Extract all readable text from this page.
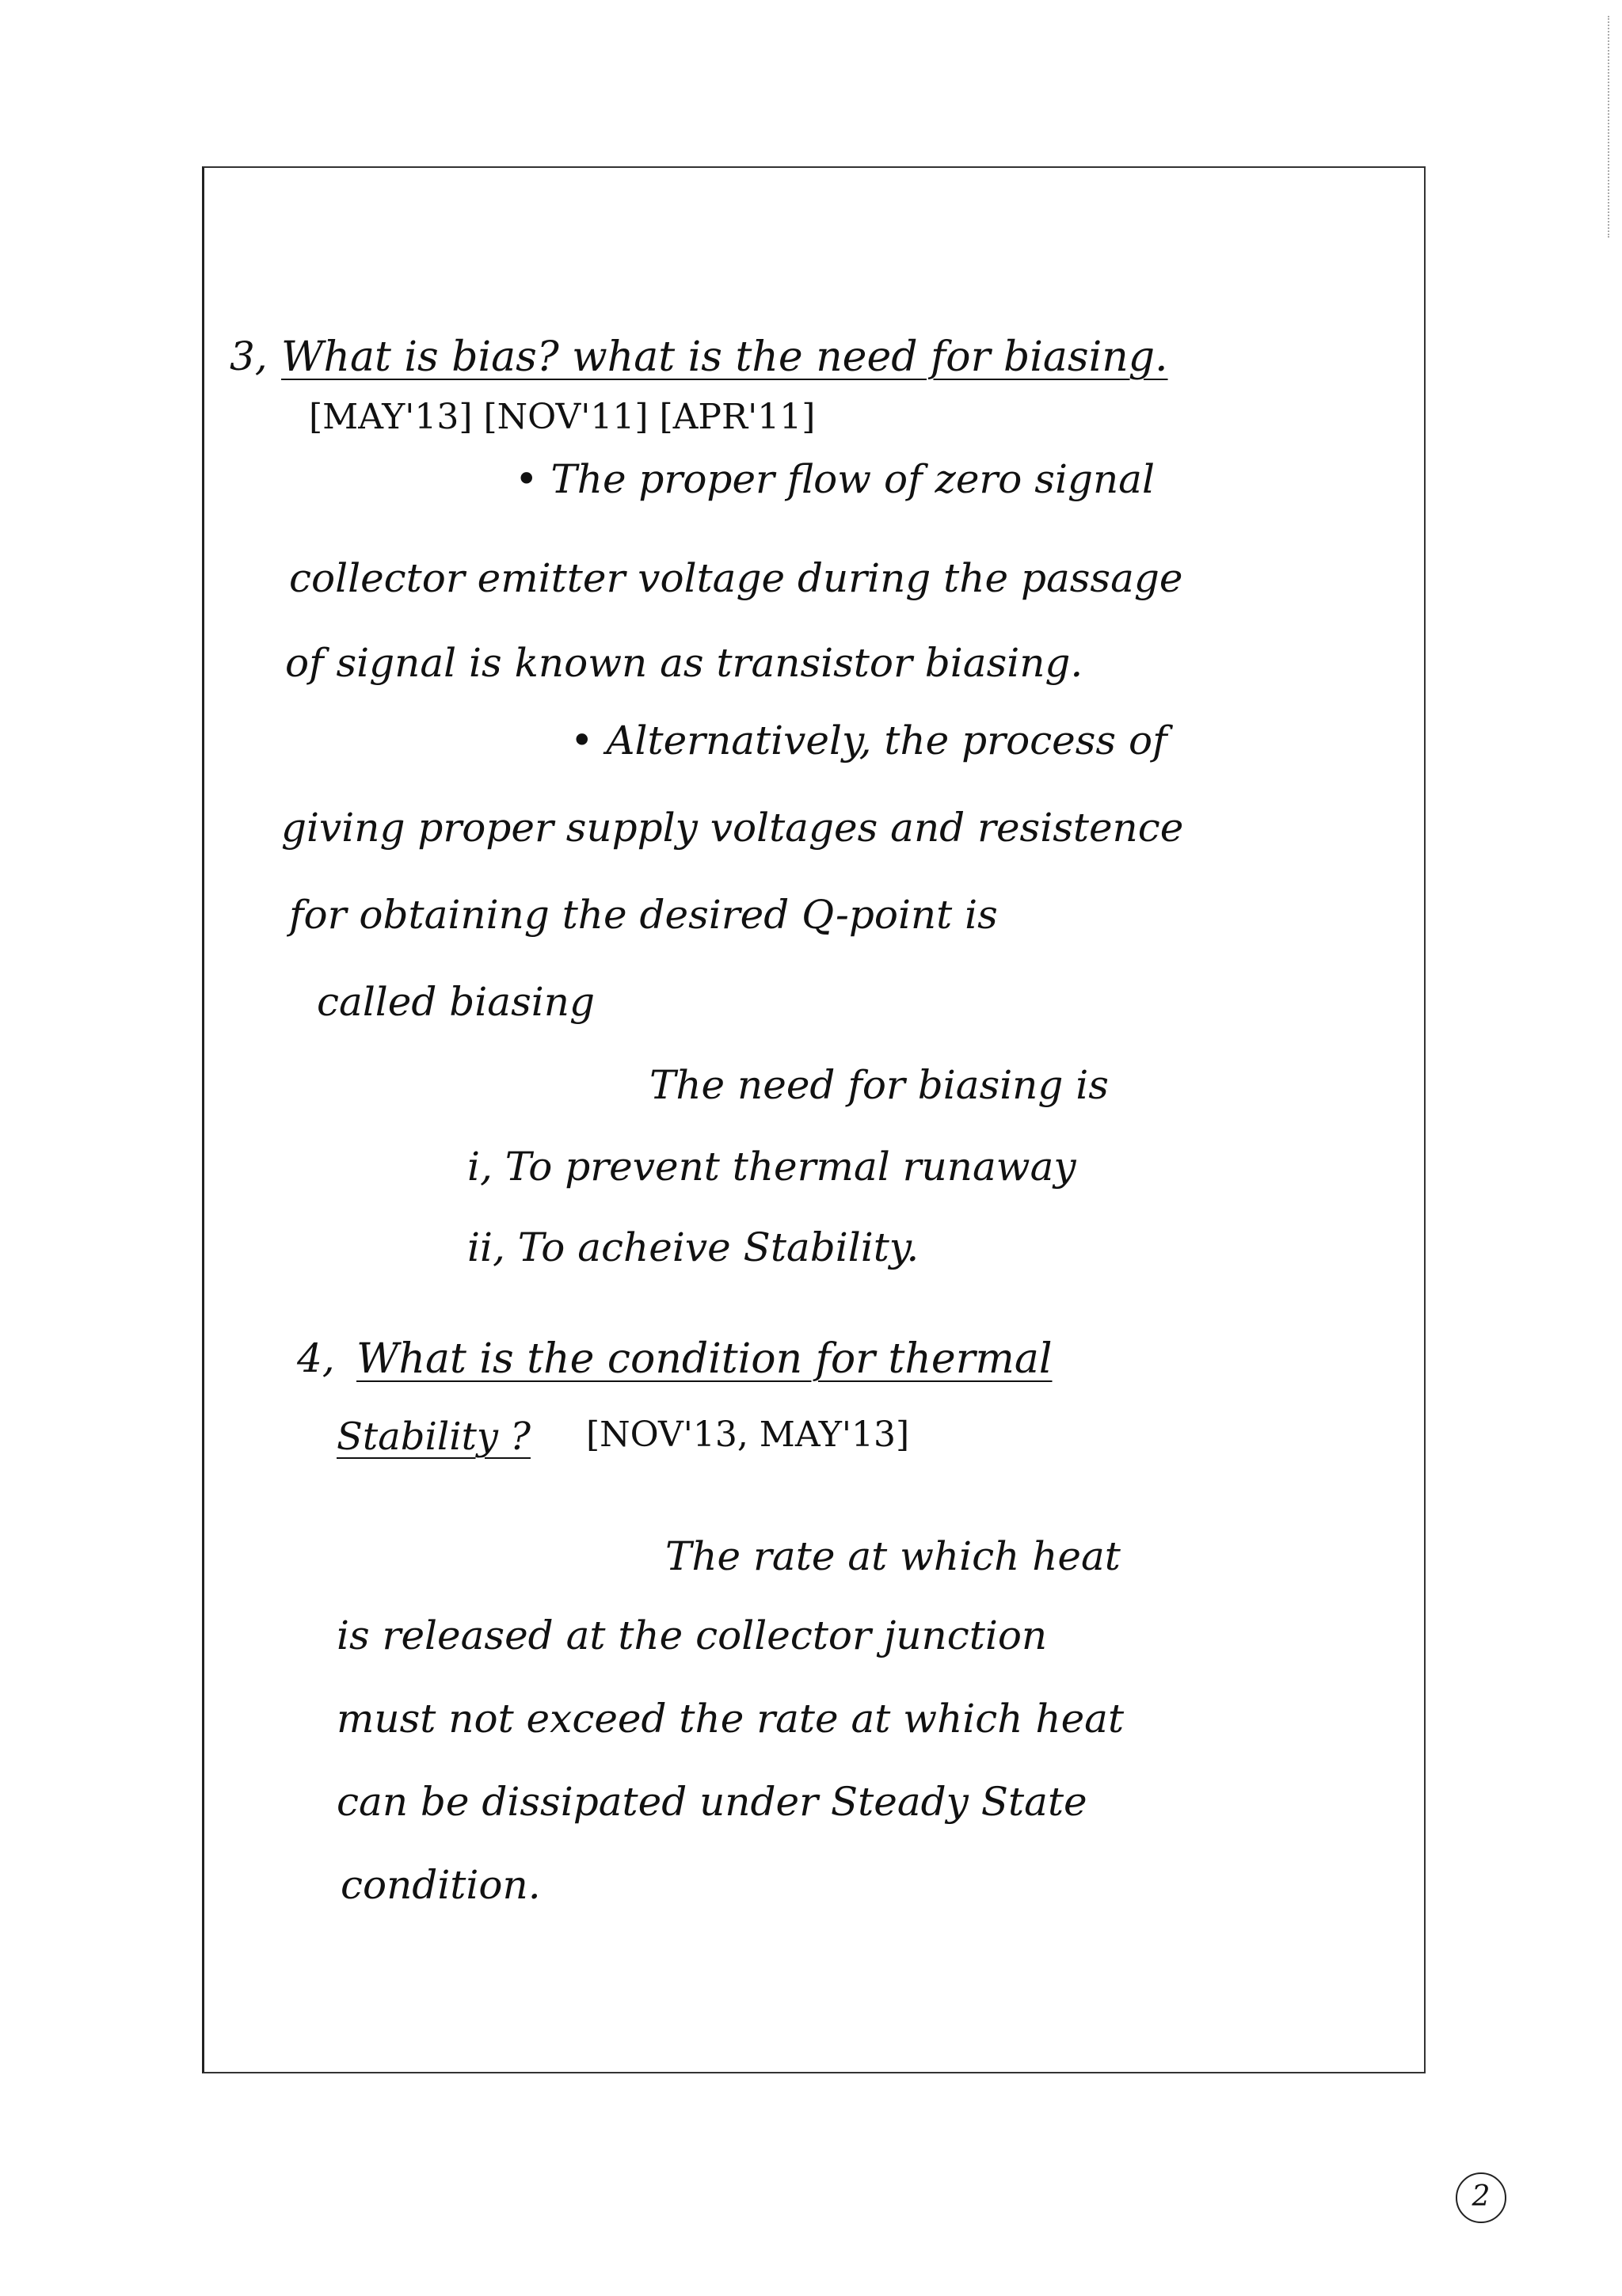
3, What is bias? what is the need for biasing.
[MAY'13] [NOV'11] [APR'11]
• The proper flow of zero signal
collector emitter voltage during the passage
of signal is known as transistor biasing.
• Alternatively, the process of
giving proper supply voltages and resistence
for obtaining the desired Q-point is
called biasing
The need for biasing is
i, To prevent thermal runaway
ii, To acheive Stability.
4, What is the condition for thermal
Stability ? [NOV'13, MAY'13]
The rate at which heat
is released at the collector junction
must not exceed the rate at which heat
can be dissipated under Steady State
condition.
2
